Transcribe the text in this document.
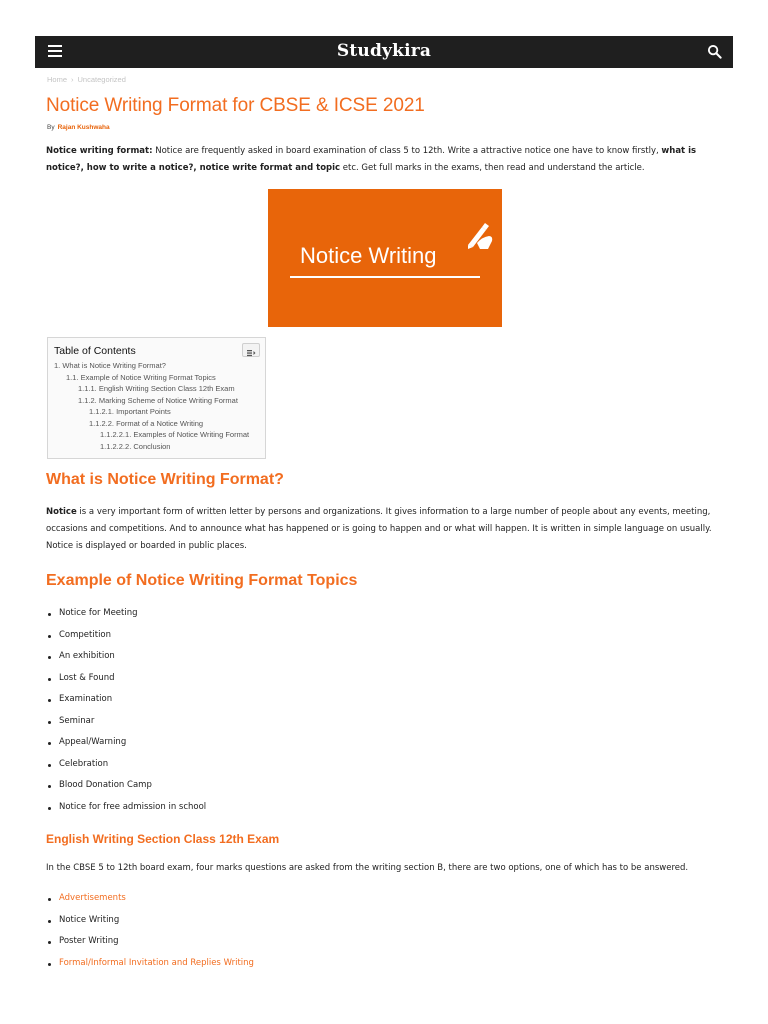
Studykira
Home › Uncategorized
Notice Writing Format for CBSE & ICSE 2021
By Rajan Kushwaha

Notice writing format: Notice are frequently asked in board examination of class 5 to 12th. Write a attractive notice one have to know firstly, what is notice?, how to write a notice?, notice write format and topic etc. Get full marks in the exams, then read and understand the article.

Notice Writing
Table of Contents
1. What is Notice Writing Format?
1.1. Example of Notice Writing Format Topics
1.1.1. English Writing Section Class 12th Exam
1.1.2. Marking Scheme of Notice Writing Format
1.1.2.1. Important Points
1.1.2.2. Format of a Notice Writing
1.1.2.2.1. Examples of Notice Writing Format
1.1.2.2.2. Conclusion
What is Notice Writing Format?

Notice is a very important form of written letter by persons and organizations. It gives information to a large number of people about any events, meeting, occasions and competitions. And to announce what has happened or is going to happen and or what will happen. It is written in simple language on usually. Notice is displayed or boarded in public places.

Example of Notice Writing Format Topics
Notice for Meeting
Competition
An exhibition
Lost & Found
Examination
Seminar
Appeal/Warning
Celebration
Blood Donation Camp
Notice for free admission in school
English Writing Section Class 12th Exam

In the CBSE 5 to 12th board exam, four marks questions are asked from the writing section B, there are two options, one of which has to be answered.

Advertisements
Notice Writing
Poster Writing
Formal/Informal Invitation and Replies Writing
